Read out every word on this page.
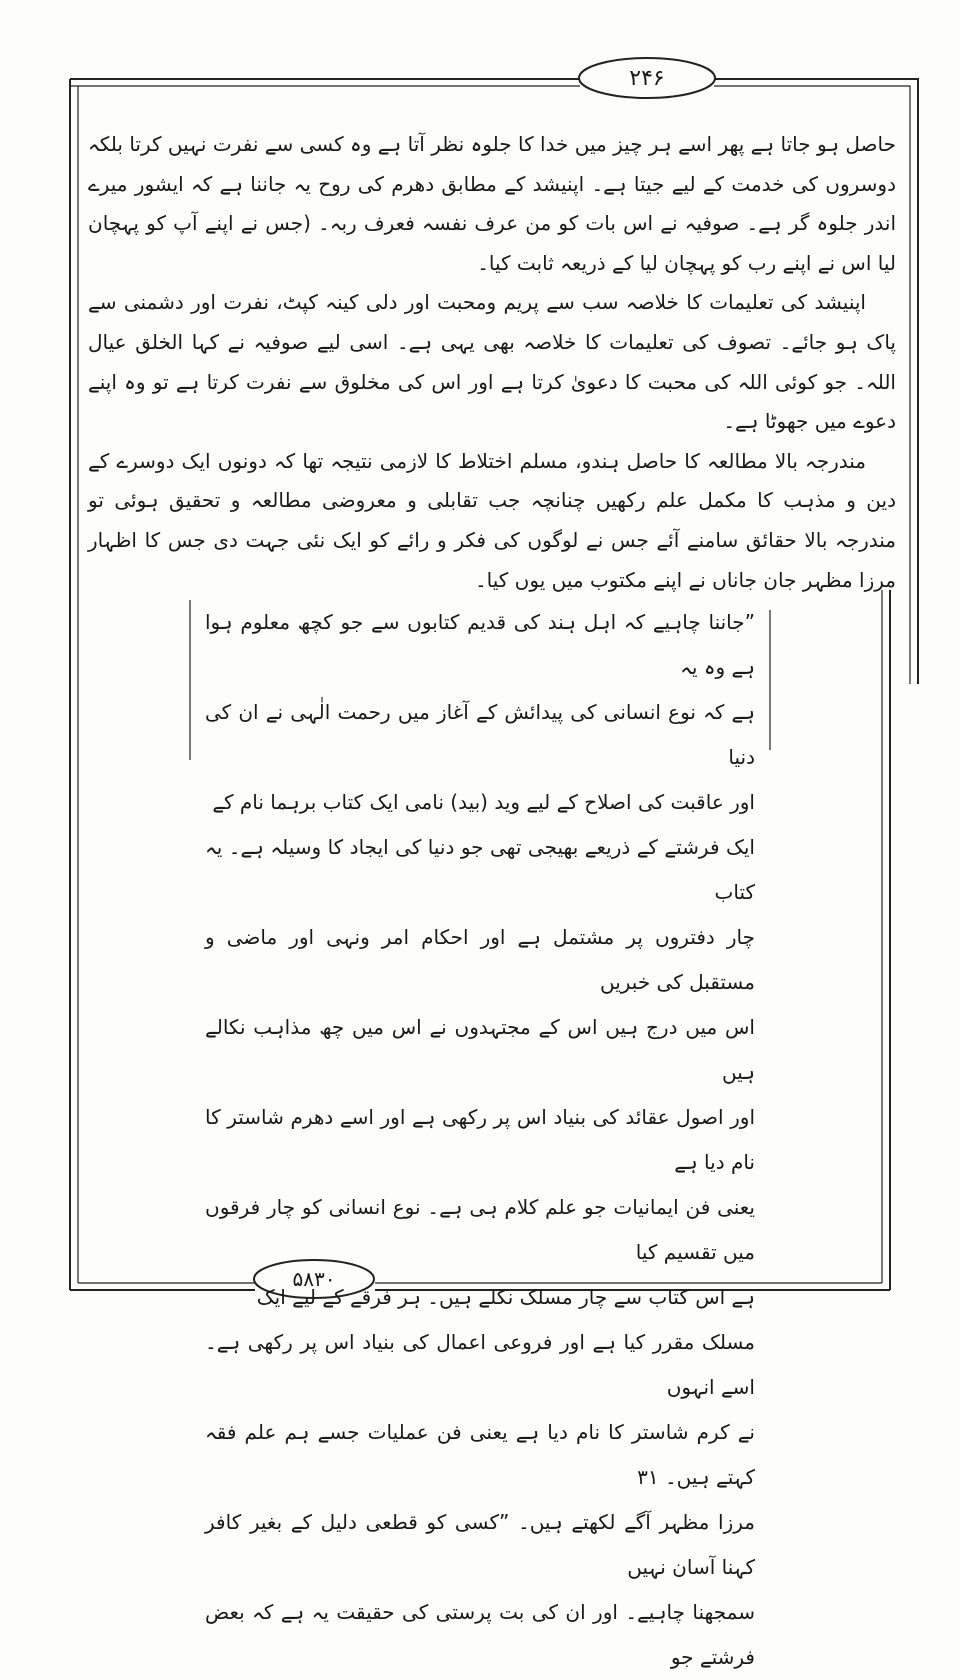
۲۴۶

حاصل ہو جاتا ہے پھر اسے ہر چیز میں خدا کا جلوہ نظر آتا ہے وہ کسی سے نفرت نہیں کرتا بلکہ دوسروں کی خدمت کے لیے جیتا ہے۔ اپنیشد کے مطابق دھرم کی روح یہ جاننا ہے کہ ایشور میرے اندر جلوہ گر ہے۔ صوفیہ نے اس بات کو من عرف نفسہ فعرف ربہ۔ (جس نے اپنے آپ کو پہچان لیا اس نے اپنے رب کو پہچان لیا کے ذریعہ ثابت کیا۔

اپنیشد کی تعلیمات کا خلاصہ سب سے پریم ومحبت اور دلی کینہ کپٹ، نفرت اور دشمنی سے پاک ہو جائے۔ تصوف کی تعلیمات کا خلاصہ بھی یہی ہے۔ اسی لیے صوفیہ نے کہا الخلق عیال اللہ۔ جو کوئی اللہ کی محبت کا دعویٰ کرتا ہے اور اس کی مخلوق سے نفرت کرتا ہے تو وہ اپنے دعوے میں جھوٹا ہے۔

مندرجہ بالا مطالعہ کا حاصل ہندو، مسلم اختلاط کا لازمی نتیجہ تھا کہ دونوں ایک دوسرے کے دین و مذہب کا مکمل علم رکھیں چنانچہ جب تقابلی و معروضی مطالعہ و تحقیق ہوئی تو مندرجہ بالا حقائق سامنے آئے جس نے لوگوں کی فکر و رائے کو ایک نئی جہت دی جس کا اظہار مرزا مظہر جان جاناں نے اپنے مکتوب میں یوں کیا۔

”جاننا چاہیے کہ اہل ہند کی قدیم کتابوں سے جو کچھ معلوم ہوا ہے وہ یہ

ہے کہ نوع انسانی کی پیدائش کے آغاز میں رحمت الٰہی نے ان کی دنیا

اور عاقبت کی اصلاح کے لیے وید (بید) نامی ایک کتاب برہما نام کے

ایک فرشتے کے ذریعے بھیجی تھی جو دنیا کی ایجاد کا وسیلہ ہے۔ یہ کتاب

چار دفتروں پر مشتمل ہے اور احکام امر ونہی اور ماضی و مستقبل کی خبریں

اس میں درج ہیں اس کے مجتہدوں نے اس میں چھ مذاہب نکالے ہیں

اور اصول عقائد کی بنیاد اس پر رکھی ہے اور اسے دھرم شاستر کا نام دیا ہے

یعنی فن ایمانیات جو علم کلام ہی ہے۔ نوع انسانی کو چار فرقوں میں تقسیم کیا

ہے اس کتاب سے چار مسلک نکلے ہیں۔ ہر فرقے کے لیے ایک

مسلک مقرر کیا ہے اور فروعی اعمال کی بنیاد اس پر رکھی ہے۔ اسے انہوں

نے کرم شاستر کا نام دیا ہے یعنی فن عملیات جسے ہم علم فقہ کہتے ہیں۔ ۳۱

مرزا مظہر آگے لکھتے ہیں۔ ”کسی کو قطعی دلیل کے بغیر کافر کہنا آسان نہیں

سمجھنا چاہیے۔ اور ان کی بت پرستی کی حقیقت یہ ہے کہ بعض فرشتے جو

۵۸۳۰
